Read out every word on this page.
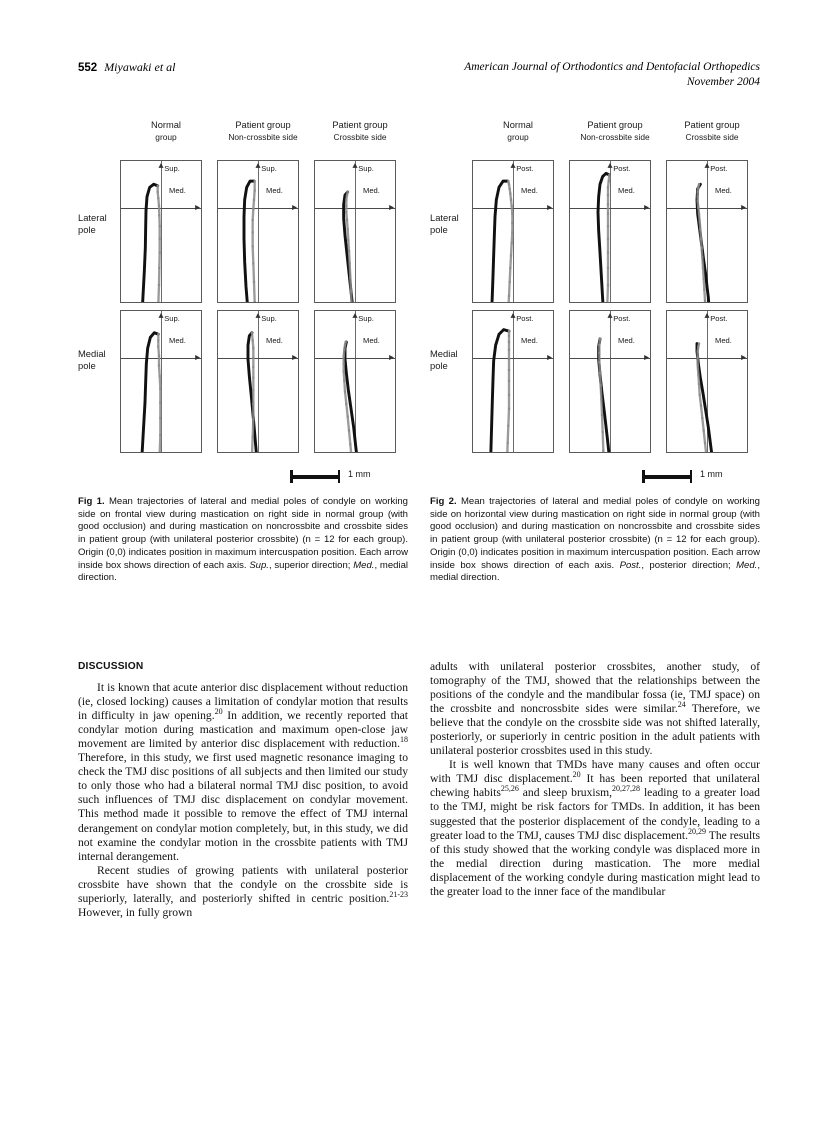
552 Miyawaki et al	American Journal of Orthodontics and Dentofacial Orthopedics
November 2004
Normal
group
Patient group
Non-crossbite side
Patient group
Crossbite side
Lateral
pole
Medial
pole
Sup.
Med.
Sup.
Med.
Sup.
Med.
Sup.
Med.
Sup.
Med.
Sup.
Med.
1 mm
Normal
group
Patient group
Non-crossbite side
Patient group
Crossbite side
Lateral
pole
Medial
pole
Post.
Med.
Post.
Med.
Post.
Med.
Post.
Med.
Post.
Med.
Post.
Med.
1 mm
Fig 1. Mean trajectories of lateral and medial poles of condyle on working side on frontal view during mastication on right side in normal group (with good occlusion) and during mastication on noncrossbite and crossbite sides in patient group (with unilateral posterior crossbite) (n = 12 for each group). Origin (0,0) indicates position in maximum intercuspation position. Each arrow inside box shows direction of each axis. Sup., superior direction; Med., medial direction.
Fig 2. Mean trajectories of lateral and medial poles of condyle on working side on horizontal view during mastication on right side in normal group (with good occlusion) and during mastication on noncrossbite and crossbite sides in patient group (with unilateral posterior crossbite) (n = 12 for each group). Origin (0,0) indicates position in maximum intercuspation position. Each arrow inside box shows direction of each axis. Post., posterior direction; Med., medial direction.
DISCUSSION

It is known that acute anterior disc displacement without reduction (ie, closed locking) causes a limitation of condylar motion that results in difficulty in jaw opening.$^{20}$ In addition, we recently reported that condylar motion during mastication and maximum open-close jaw movement are limited by anterior disc displacement with reduction.$^{18}$ Therefore, in this study, we first used magnetic resonance imaging to check the TMJ disc positions of all subjects and then limited our study to only those who had a bilateral normal TMJ disc position, to avoid such influences of TMJ disc displacement on condylar movement. This method made it possible to remove the effect of TMJ internal derangement on condylar motion completely, but, in this study, we did not examine the condylar motion in the crossbite patients with TMJ internal derangement.

Recent studies of growing patients with unilateral posterior crossbite have shown that the condyle on the crossbite side is superiorly, laterally, and posteriorly shifted in centric position.$^{21-23}$ However, in fully grown

adults with unilateral posterior crossbites, another study, of tomography of the TMJ, showed that the relationships between the positions of the condyle and the mandibular fossa (ie, TMJ space) on the crossbite and noncrossbite sides were similar.$^{24}$ Therefore, we believe that the condyle on the crossbite side was not shifted laterally, posteriorly, or superiorly in centric position in the adult patients with unilateral posterior crossbites used in this study.

It is well known that TMDs have many causes and often occur with TMJ disc displacement.$^{20}$ It has been reported that unilateral chewing habits$^{25,26}$ and sleep bruxism,$^{20,27,28}$ leading to a greater load to the TMJ, might be risk factors for TMDs. In addition, it has been suggested that the posterior displacement of the condyle, leading to a greater load to the TMJ, causes TMJ disc displacement.$^{20,29}$ The results of this study showed that the working condyle was displaced more in the medial direction during mastication. The more medial displacement of the working condyle during mastication might lead to the greater load to the inner face of the mandibular
